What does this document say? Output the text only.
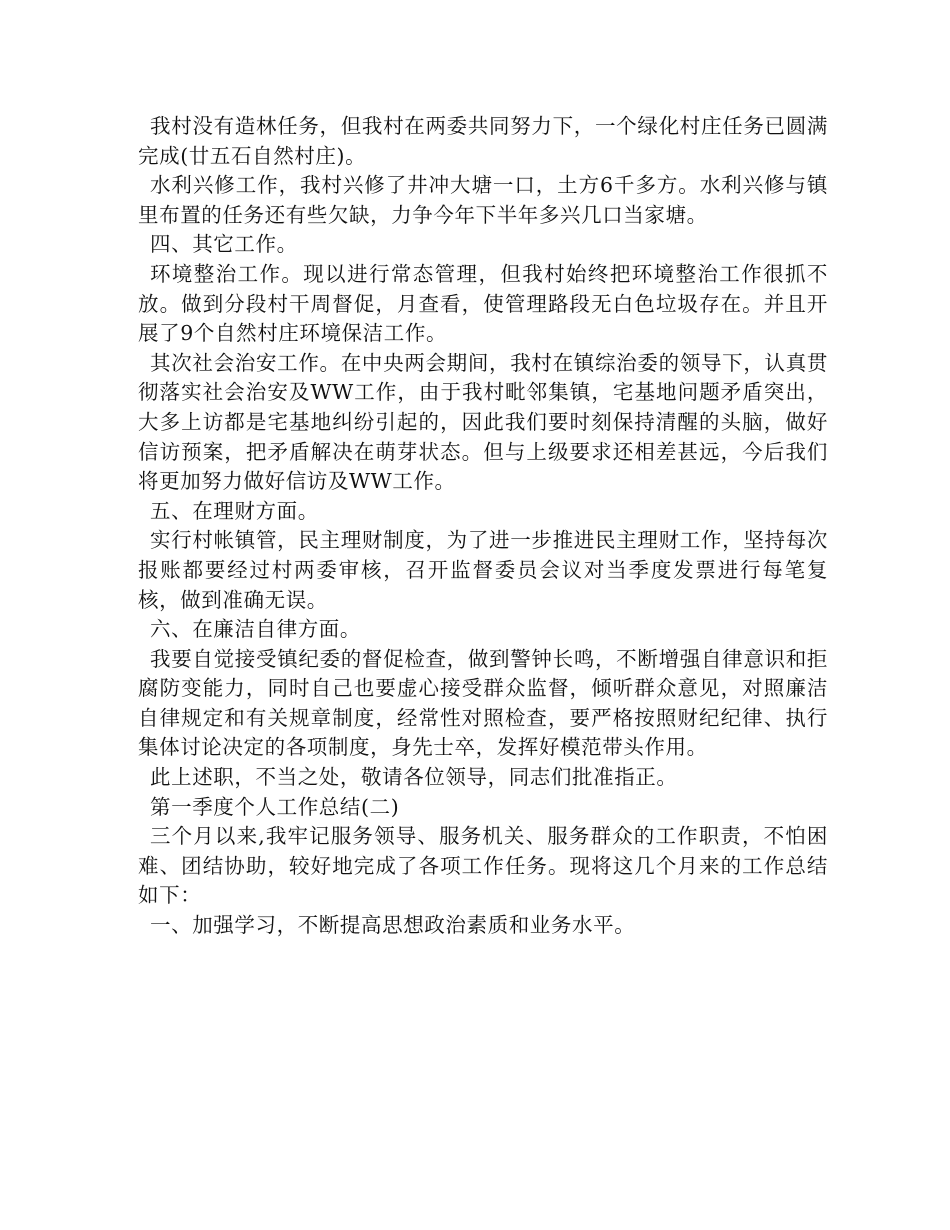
我村没有造林任务，但我村在两委共同努力下，一个绿化村庄任务已圆满完成(廿五石自然村庄)。

水利兴修工作，我村兴修了井冲大塘一口，土方6千多方。水利兴修与镇里布置的任务还有些欠缺，力争今年下半年多兴几口当家塘。

四、其它工作。

环境整治工作。现以进行常态管理，但我村始终把环境整治工作很抓不放。做到分段村干周督促，月查看，使管理路段无白色垃圾存在。并且开展了9个自然村庄环境保洁工作。

其次社会治安工作。在中央两会期间，我村在镇综治委的领导下，认真贯彻落实社会治安及WW工作，由于我村毗邻集镇，宅基地问题矛盾突出，大多上访都是宅基地纠纷引起的，因此我们要时刻保持清醒的头脑，做好信访预案，把矛盾解决在萌芽状态。但与上级要求还相差甚远，今后我们将更加努力做好信访及WW工作。

五、在理财方面。

实行村帐镇管，民主理财制度，为了进一步推进民主理财工作，坚持每次报账都要经过村两委审核，召开监督委员会议对当季度发票进行每笔复核，做到准确无误。

六、在廉洁自律方面。

我要自觉接受镇纪委的督促检查，做到警钟长鸣，不断增强自律意识和拒腐防变能力，同时自己也要虚心接受群众监督，倾听群众意见，对照廉洁自律规定和有关规章制度，经常性对照检查，要严格按照财纪纪律、执行集体讨论决定的各项制度，身先士卒，发挥好模范带头作用。

此上述职，不当之处，敬请各位领导，同志们批准指正。

第一季度个人工作总结(二)

三个月以来,我牢记服务领导、服务机关、服务群众的工作职责，不怕困难、团结协助，较好地完成了各项工作任务。现将这几个月来的工作总结如下：

一、加强学习，不断提高思想政治素质和业务水平。
